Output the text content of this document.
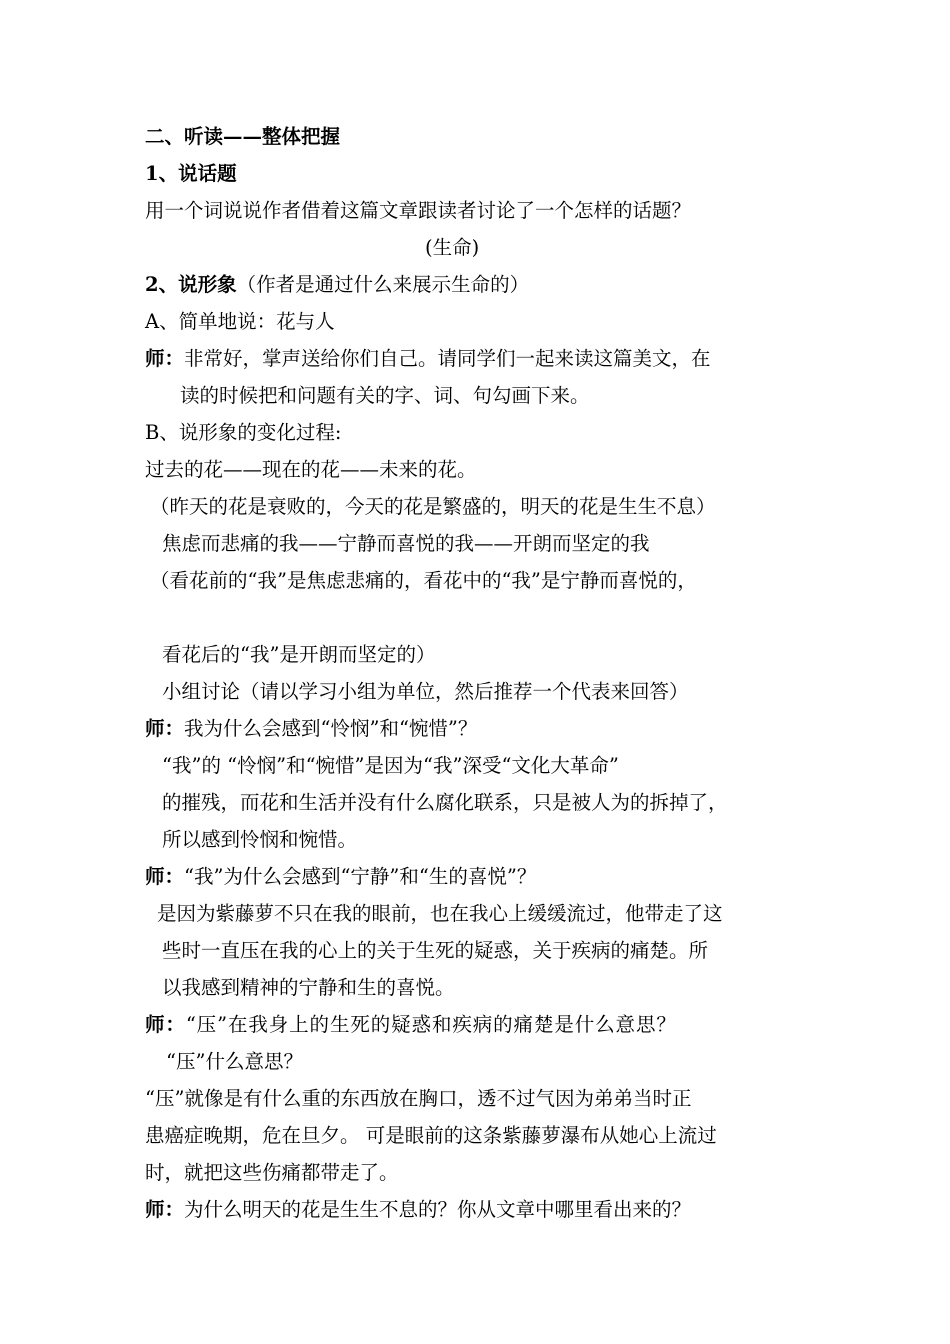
二、听读——整体把握
1、说话题
用一个词说说作者借着这篇文章跟读者讨论了一个怎样的话题？
(生命)
2、说形象（作者是通过什么来展示生命的）
A、简单地说：花与人
师：非常好，掌声送给你们自己。请同学们一起来读这篇美文，在
读的时候把和问题有关的字、词、句勾画下来。
B、说形象的变化过程:
过去的花——现在的花——未来的花。
（昨天的花是衰败的，今天的花是繁盛的，明天的花是生生不息）
焦虑而悲痛的我——宁静而喜悦的我——开朗而坚定的我
（看花前的“我”是焦虑悲痛的，看花中的“我”是宁静而喜悦的，
看花后的“我”是开朗而坚定的）
小组讨论（请以学习小组为单位，然后推荐一个代表来回答）
师：我为什么会感到“怜悯”和“惋惜”？
“我”的 “怜悯”和“惋惜”是因为“我”深受“文化大革命”
的摧残，而花和生活并没有什么腐化联系，只是被人为的拆掉了，
所以感到怜悯和惋惜。
师：“我”为什么会感到“宁静”和“生的喜悦”？
是因为紫藤萝不只在我的眼前，也在我心上缓缓流过，他带走了这
些时一直压在我的心上的关于生死的疑惑，关于疾病的痛楚。所
以我感到精神的宁静和生的喜悦。
师：“压”在我身上的生死的疑惑和疾病的痛楚是什么意思？
“压”什么意思？
“压”就像是有什么重的东西放在胸口，透不过气因为弟弟当时正
患癌症晚期，危在旦夕。 可是眼前的这条紫藤萝瀑布从她心上流过
时，就把这些伤痛都带走了。
师：为什么明天的花是生生不息的？你从文章中哪里看出来的？
